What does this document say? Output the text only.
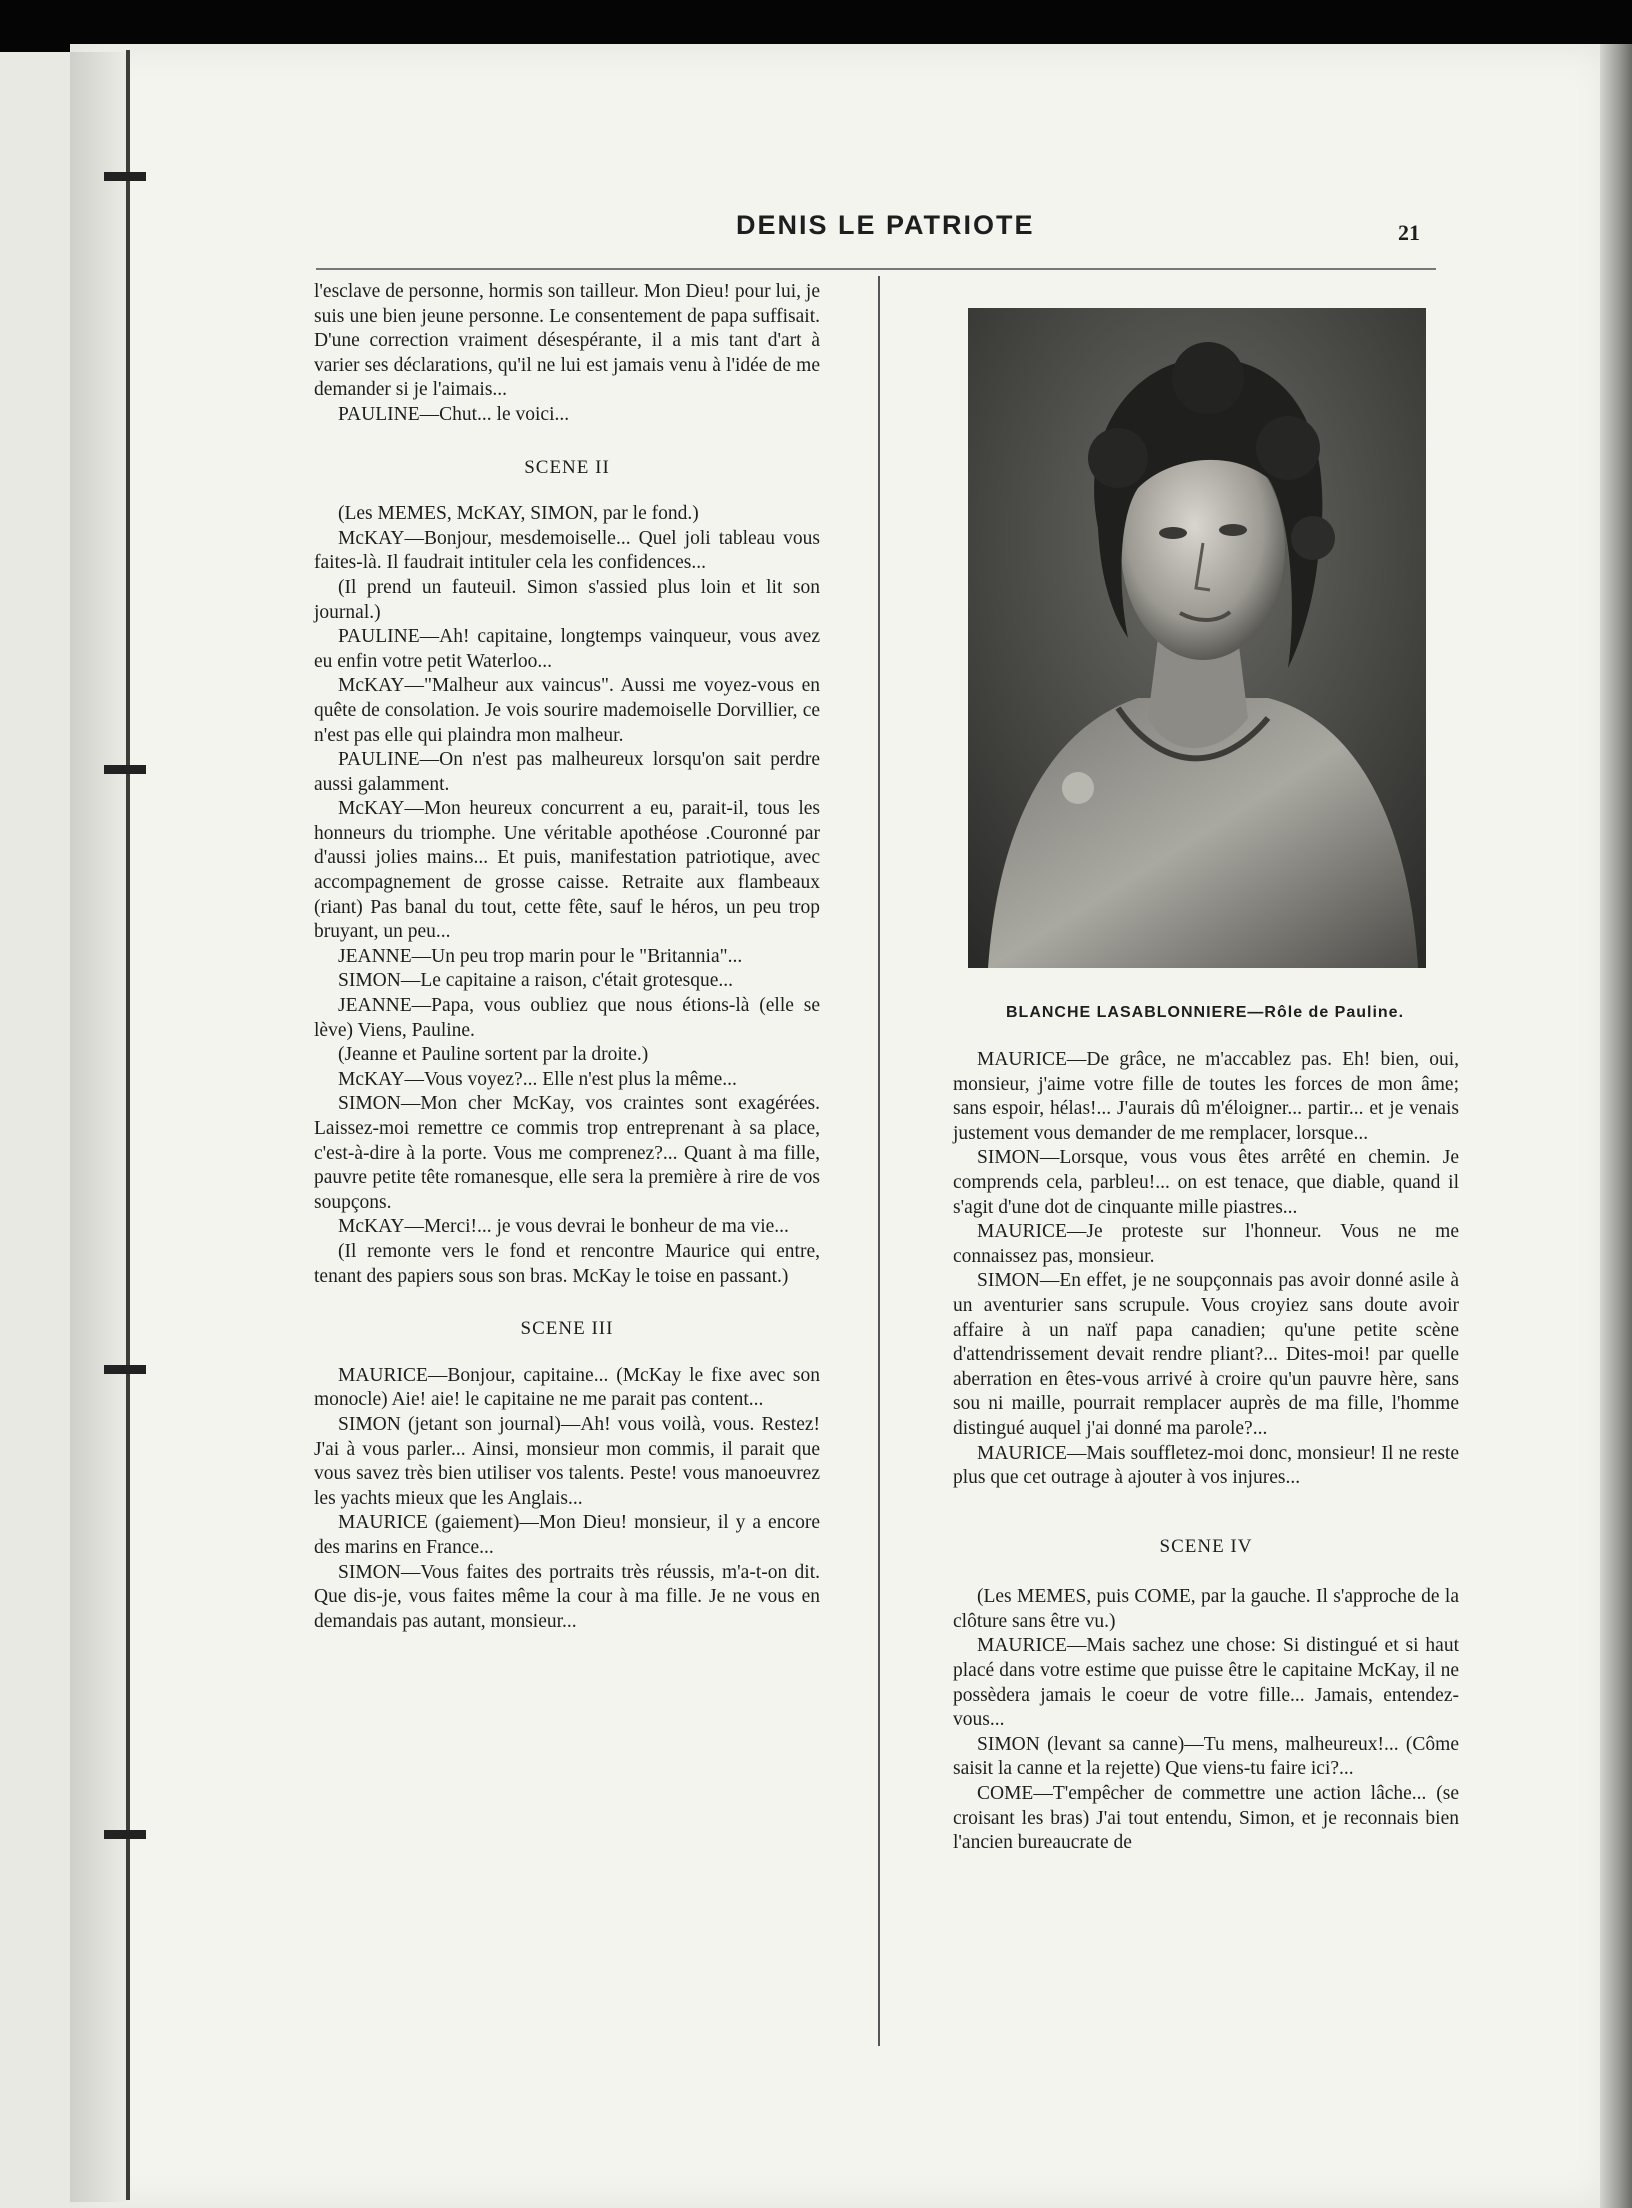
DENIS LE PATRIOTE	21

l'esclave de personne, hormis son tailleur. Mon Dieu! pour lui, je suis une bien jeune personne. Le consentement de papa suffisait. D'une correction vraiment désespérante, il a mis tant d'art à varier ses déclarations, qu'il ne lui est jamais venu à l'idée de me demander si je l'aimais...

PAULINE—Chut... le voici...

SCENE II

(Les MEMES, McKAY, SIMON, par le fond.)

McKAY—Bonjour, mesdemoiselle... Quel joli tableau vous faites-là. Il faudrait intituler cela les confidences...

(Il prend un fauteuil. Simon s'assied plus loin et lit son journal.)

PAULINE—Ah! capitaine, longtemps vainqueur, vous avez eu enfin votre petit Waterloo...

McKAY—"Malheur aux vaincus". Aussi me voyez-vous en quête de consolation. Je vois sourire mademoiselle Dorvillier, ce n'est pas elle qui plaindra mon malheur.

PAULINE—On n'est pas malheureux lorsqu'on sait perdre aussi galamment.

McKAY—Mon heureux concurrent a eu, parait-il, tous les honneurs du triomphe. Une véritable apothéose .Couronné par d'aussi jolies mains... Et puis, manifestation patriotique, avec accompagnement de grosse caisse. Retraite aux flambeaux (riant) Pas banal du tout, cette fête, sauf le héros, un peu trop bruyant, un peu...

JEANNE—Un peu trop marin pour le "Britannia"...

SIMON—Le capitaine a raison, c'était grotesque...

JEANNE—Papa, vous oubliez que nous étions-là (elle se lève) Viens, Pauline.

(Jeanne et Pauline sortent par la droite.)

McKAY—Vous voyez?... Elle n'est plus la même...

SIMON—Mon cher McKay, vos craintes sont exagérées. Laissez-moi remettre ce commis trop entreprenant à sa place, c'est-à-dire à la porte. Vous me comprenez?... Quant à ma fille, pauvre petite tête romanesque, elle sera la première à rire de vos soupçons.

McKAY—Merci!... je vous devrai le bonheur de ma vie...

(Il remonte vers le fond et rencontre Maurice qui entre, tenant des papiers sous son bras. McKay le toise en passant.)

SCENE III

MAURICE—Bonjour, capitaine... (McKay le fixe avec son monocle) Aie! aie! le capitaine ne me parait pas content...

SIMON (jetant son journal)—Ah! vous voilà, vous. Restez! J'ai à vous parler... Ainsi, monsieur mon commis, il parait que vous savez très bien utiliser vos talents. Peste! vous manoeuvrez les yachts mieux que les Anglais...

MAURICE (gaiement)—Mon Dieu! monsieur, il y a encore des marins en France...

SIMON—Vous faites des portraits très réussis, m'a-t-on dit. Que dis-je, vous faites même la cour à ma fille. Je ne vous en demandais pas autant, monsieur...

BLANCHE LASABLONNIERE—Rôle de Pauline.

MAURICE—De grâce, ne m'accablez pas. Eh! bien, oui, monsieur, j'aime votre fille de toutes les forces de mon âme; sans espoir, hélas!... J'aurais dû m'éloigner... partir... et je venais justement vous demander de me remplacer, lorsque...

SIMON—Lorsque, vous vous êtes arrêté en chemin. Je comprends cela, parbleu!... on est tenace, que diable, quand il s'agit d'une dot de cinquante mille piastres...

MAURICE—Je proteste sur l'honneur. Vous ne me connaissez pas, monsieur.

SIMON—En effet, je ne soupçonnais pas avoir donné asile à un aventurier sans scrupule. Vous croyiez sans doute avoir affaire à un naïf papa canadien; qu'une petite scène d'attendrissement devait rendre pliant?... Dites-moi! par quelle aberration en êtes-vous arrivé à croire qu'un pauvre hère, sans sou ni maille, pourrait remplacer auprès de ma fille, l'homme distingué auquel j'ai donné ma parole?...

MAURICE—Mais souffletez-moi donc, monsieur! Il ne reste plus que cet outrage à ajouter à vos injures...

SCENE IV

(Les MEMES, puis COME, par la gauche. Il s'approche de la clôture sans être vu.)

MAURICE—Mais sachez une chose: Si distingué et si haut placé dans votre estime que puisse être le capitaine McKay, il ne possèdera jamais le coeur de votre fille... Jamais, entendez-vous...

SIMON (levant sa canne)—Tu mens, malheureux!... (Côme saisit la canne et la rejette) Que viens-tu faire ici?...

COME—T'empêcher de commettre une action lâche... (se croisant les bras) J'ai tout entendu, Simon, et je reconnais bien l'ancien bureaucrate de
